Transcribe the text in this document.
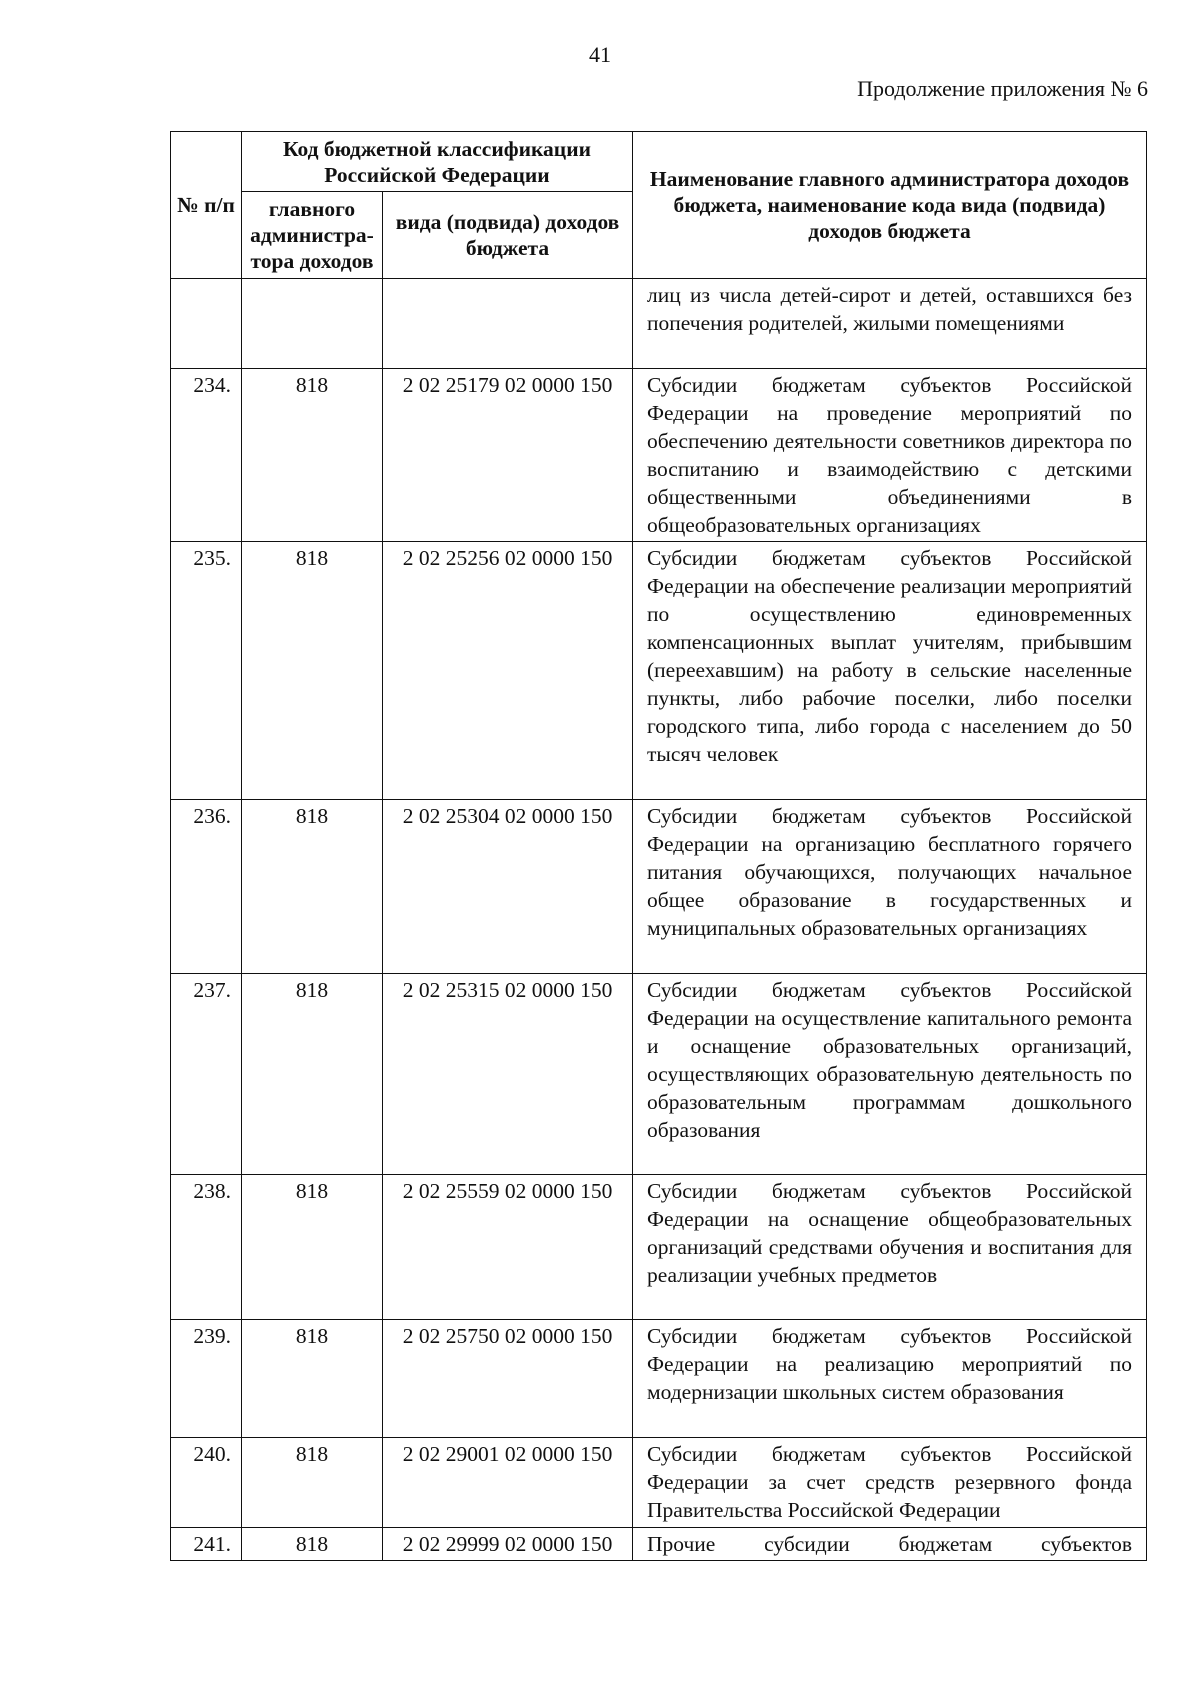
41

Продолжение приложения № 6

№ п/п	Код бюджетной классификации Российской Федерации		Наименование главного администратора доходов бюджета, наименование кода вида (подвида) доходов бюджета
	главного администра-тора доходов	вида (подвида) доходов бюджета	
			лиц из числа детей-сирот и детей, оставшихся без попечения родителей, жилыми помещениями
234.	818	2 02 25179 02 0000 150	Субсидии бюджетам субъектов Российской Федерации на проведение мероприятий по обеспечению деятельности советников директора по воспитанию и взаимодействию с детскими общественными объединениями в общеобразовательных организациях
235.	818	2 02 25256 02 0000 150	Субсидии бюджетам субъектов Российской Федерации на обеспечение реализации мероприятий по осуществлению единовременных компенсационных выплат учителям, прибывшим (переехавшим) на работу в сельские населенные пункты, либо рабочие поселки, либо поселки городского типа, либо города с населением до 50 тысяч человек
236.	818	2 02 25304 02 0000 150	Субсидии бюджетам субъектов Российской Федерации на организацию бесплатного горячего питания обучающихся, получающих начальное общее образование в государственных и муниципальных образовательных организациях
237.	818	2 02 25315 02 0000 150	Субсидии бюджетам субъектов Российской Федерации на осуществление капитального ремонта и оснащение образовательных организаций, осуществляющих образовательную деятельность по образовательным программам дошкольного образования
238.	818	2 02 25559 02 0000 150	Субсидии бюджетам субъектов Российской Федерации на оснащение общеобразовательных организаций средствами обучения и воспитания для реализации учебных предметов
239.	818	2 02 25750 02 0000 150	Субсидии бюджетам субъектов Российской Федерации на реализацию мероприятий по модернизации школьных систем образования
240.	818	2 02 29001 02 0000 150	Субсидии бюджетам субъектов Российской Федерации за счет средств резервного фонда Правительства Российской Федерации
241.	818	2 02 29999 02 0000 150	Прочие субсидии бюджетам субъектов
